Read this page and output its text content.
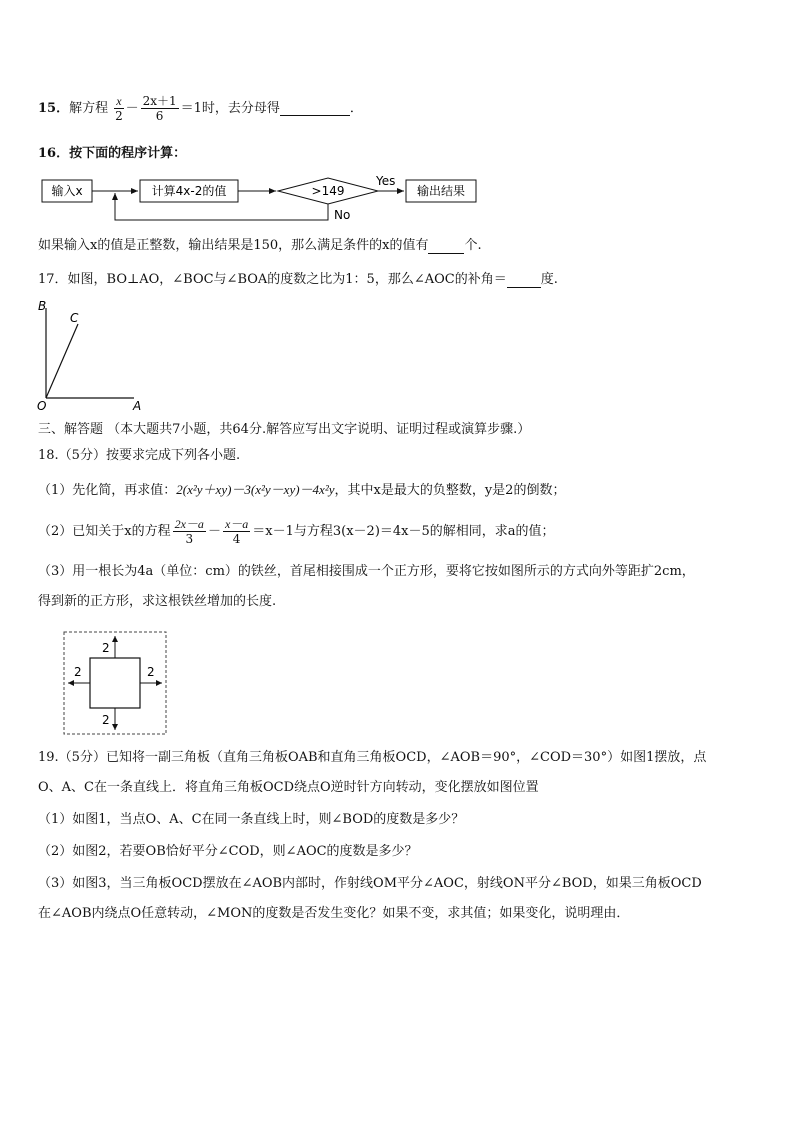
15．解方程 $\frac{x}{2} - \frac{2x+1}{6} =1$时，去分母得	．
16．按下面的程序计算：
输入x	计算4x-2的值	>149
Yes
输出结果
No
如果输入x的值是正整数，输出结果是150，那么满足条件的x的值有	个.
17．如图，BO⊥AO，∠BOC与∠BOA的度数之比为1：5，那么∠AOC的补角＝	度.
B
C
O	A
三、解答题 （本大题共7小题，共64分.解答应写出文字说明、证明过程或演算步骤.）
18.（5分）按要求完成下列各小题.
（1）先化简，再求值：2(x²y＋xy)－3(x²y－xy)－4x²y，其中x是最大的负整数，y是2的倒数；
（2）已知关于x的方程 $\frac{2x-a}{3} - \frac{x-a}{4} =x-1$与方程3(x－2)＝4x－5的解相同，求a的值；
（3）用一根长为4a（单位：cm）的铁丝，首尾相接围成一个正方形，要将它按如图所示的方式向外等距扩2cm，
得到新的正方形，求这根铁丝增加的长度.
2
2	2
2
19.（5分）已知将一副三角板（直角三角板OAB和直角三角板OCD，∠AOB＝90°，∠COD＝30°）如图1摆放，点
O、A、C在一条直线上．将直角三角板OCD绕点O逆时针方向转动，变化摆放如图位置
（1）如图1，当点O、A、C在同一条直线上时，则∠BOD的度数是多少？
（2）如图2，若要OB恰好平分∠COD，则∠AOC的度数是多少？
（3）如图3，当三角板OCD摆放在∠AOB内部时，作射线OM平分∠AOC，射线ON平分∠BOD，如果三角板OCD
在∠AOB内绕点O任意转动，∠MON的度数是否发生变化？如果不变，求其值；如果变化，说明理由．
